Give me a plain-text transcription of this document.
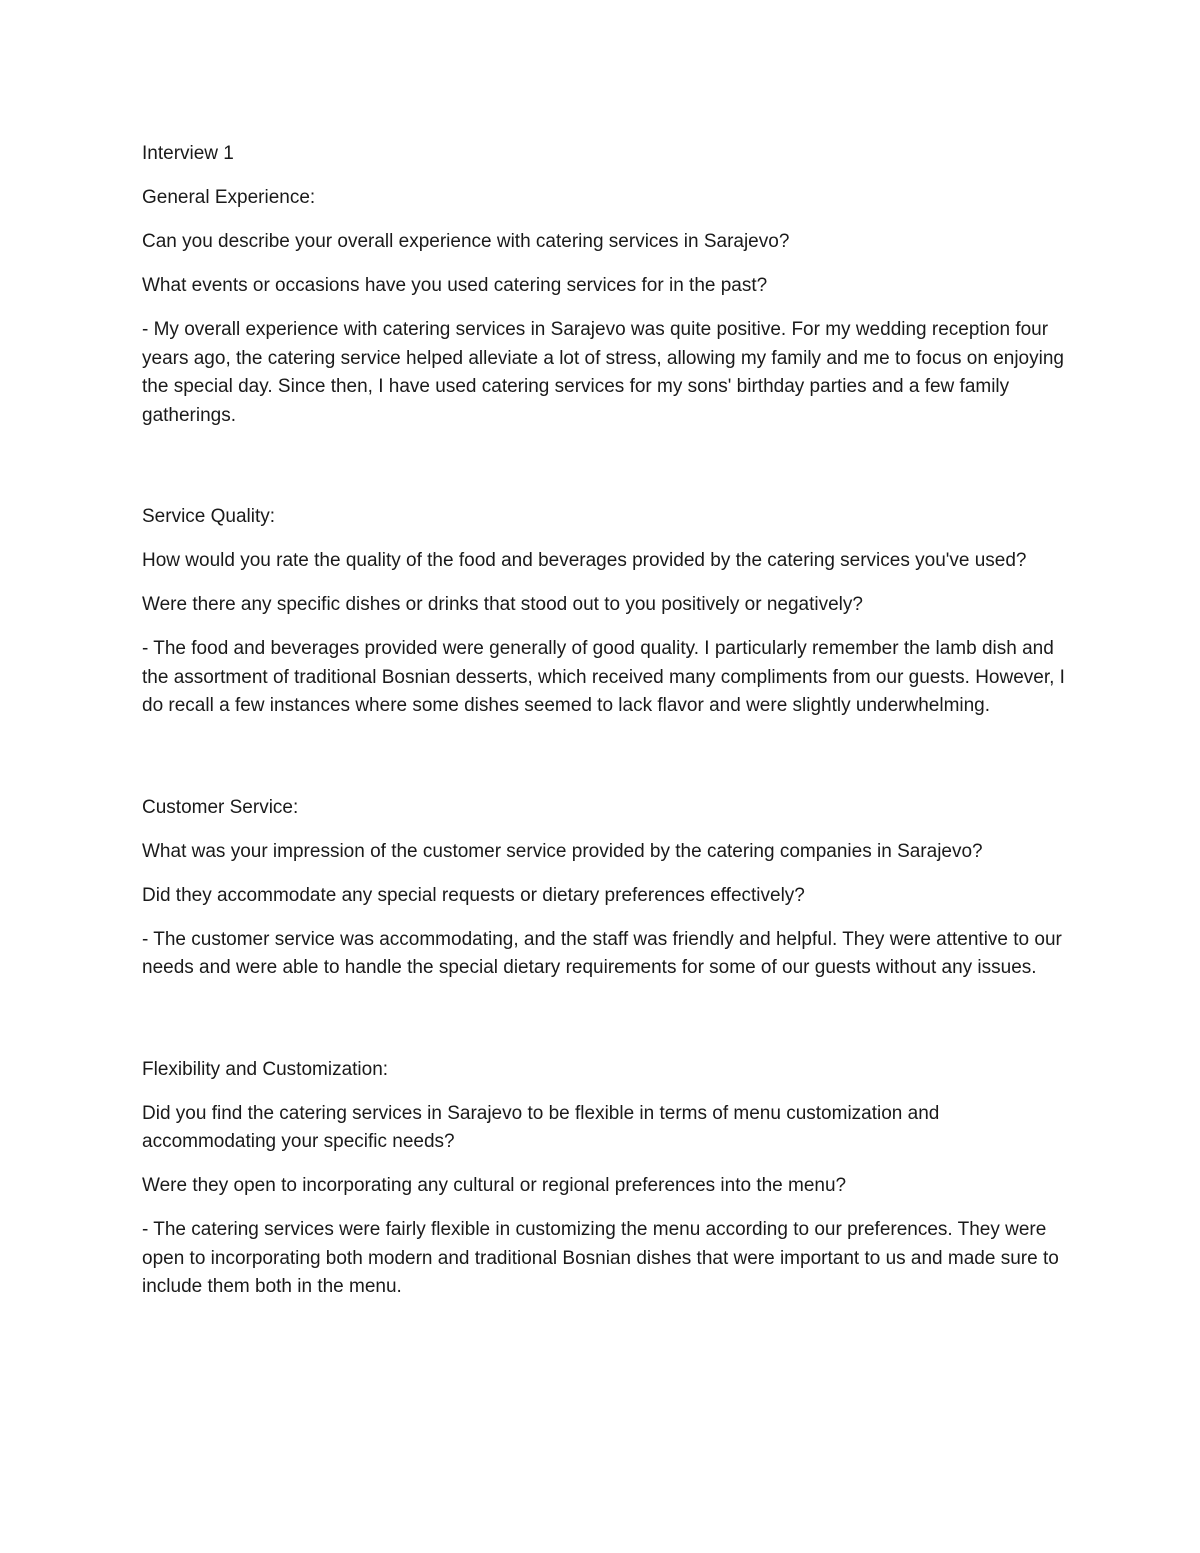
Interview 1

General Experience:

Can you describe your overall experience with catering services in Sarajevo?

What events or occasions have you used catering services for in the past?

- My overall experience with catering services in Sarajevo was quite positive. For my wedding reception four years ago, the catering service helped alleviate a lot of stress, allowing my family and me to focus on enjoying the special day. Since then, I have used catering services for my sons' birthday parties and a few family gatherings.

Service Quality:

How would you rate the quality of the food and beverages provided by the catering services you've used?

Were there any specific dishes or drinks that stood out to you positively or negatively?

- The food and beverages provided were generally of good quality. I particularly remember the lamb dish and the assortment of traditional Bosnian desserts, which received many compliments from our guests. However, I do recall a few instances where some dishes seemed to lack flavor and were slightly underwhelming.

Customer Service:

What was your impression of the customer service provided by the catering companies in Sarajevo?

Did they accommodate any special requests or dietary preferences effectively?

- The customer service was accommodating, and the staff was friendly and helpful. They were attentive to our needs and were able to handle the special dietary requirements for some of our guests without any issues.

Flexibility and Customization:

Did you find the catering services in Sarajevo to be flexible in terms of menu customization and accommodating your specific needs?

Were they open to incorporating any cultural or regional preferences into the menu?

- The catering services were fairly flexible in customizing the menu according to our preferences. They were open to incorporating both modern and traditional Bosnian dishes that were important to us and made sure to include them both in the menu.
